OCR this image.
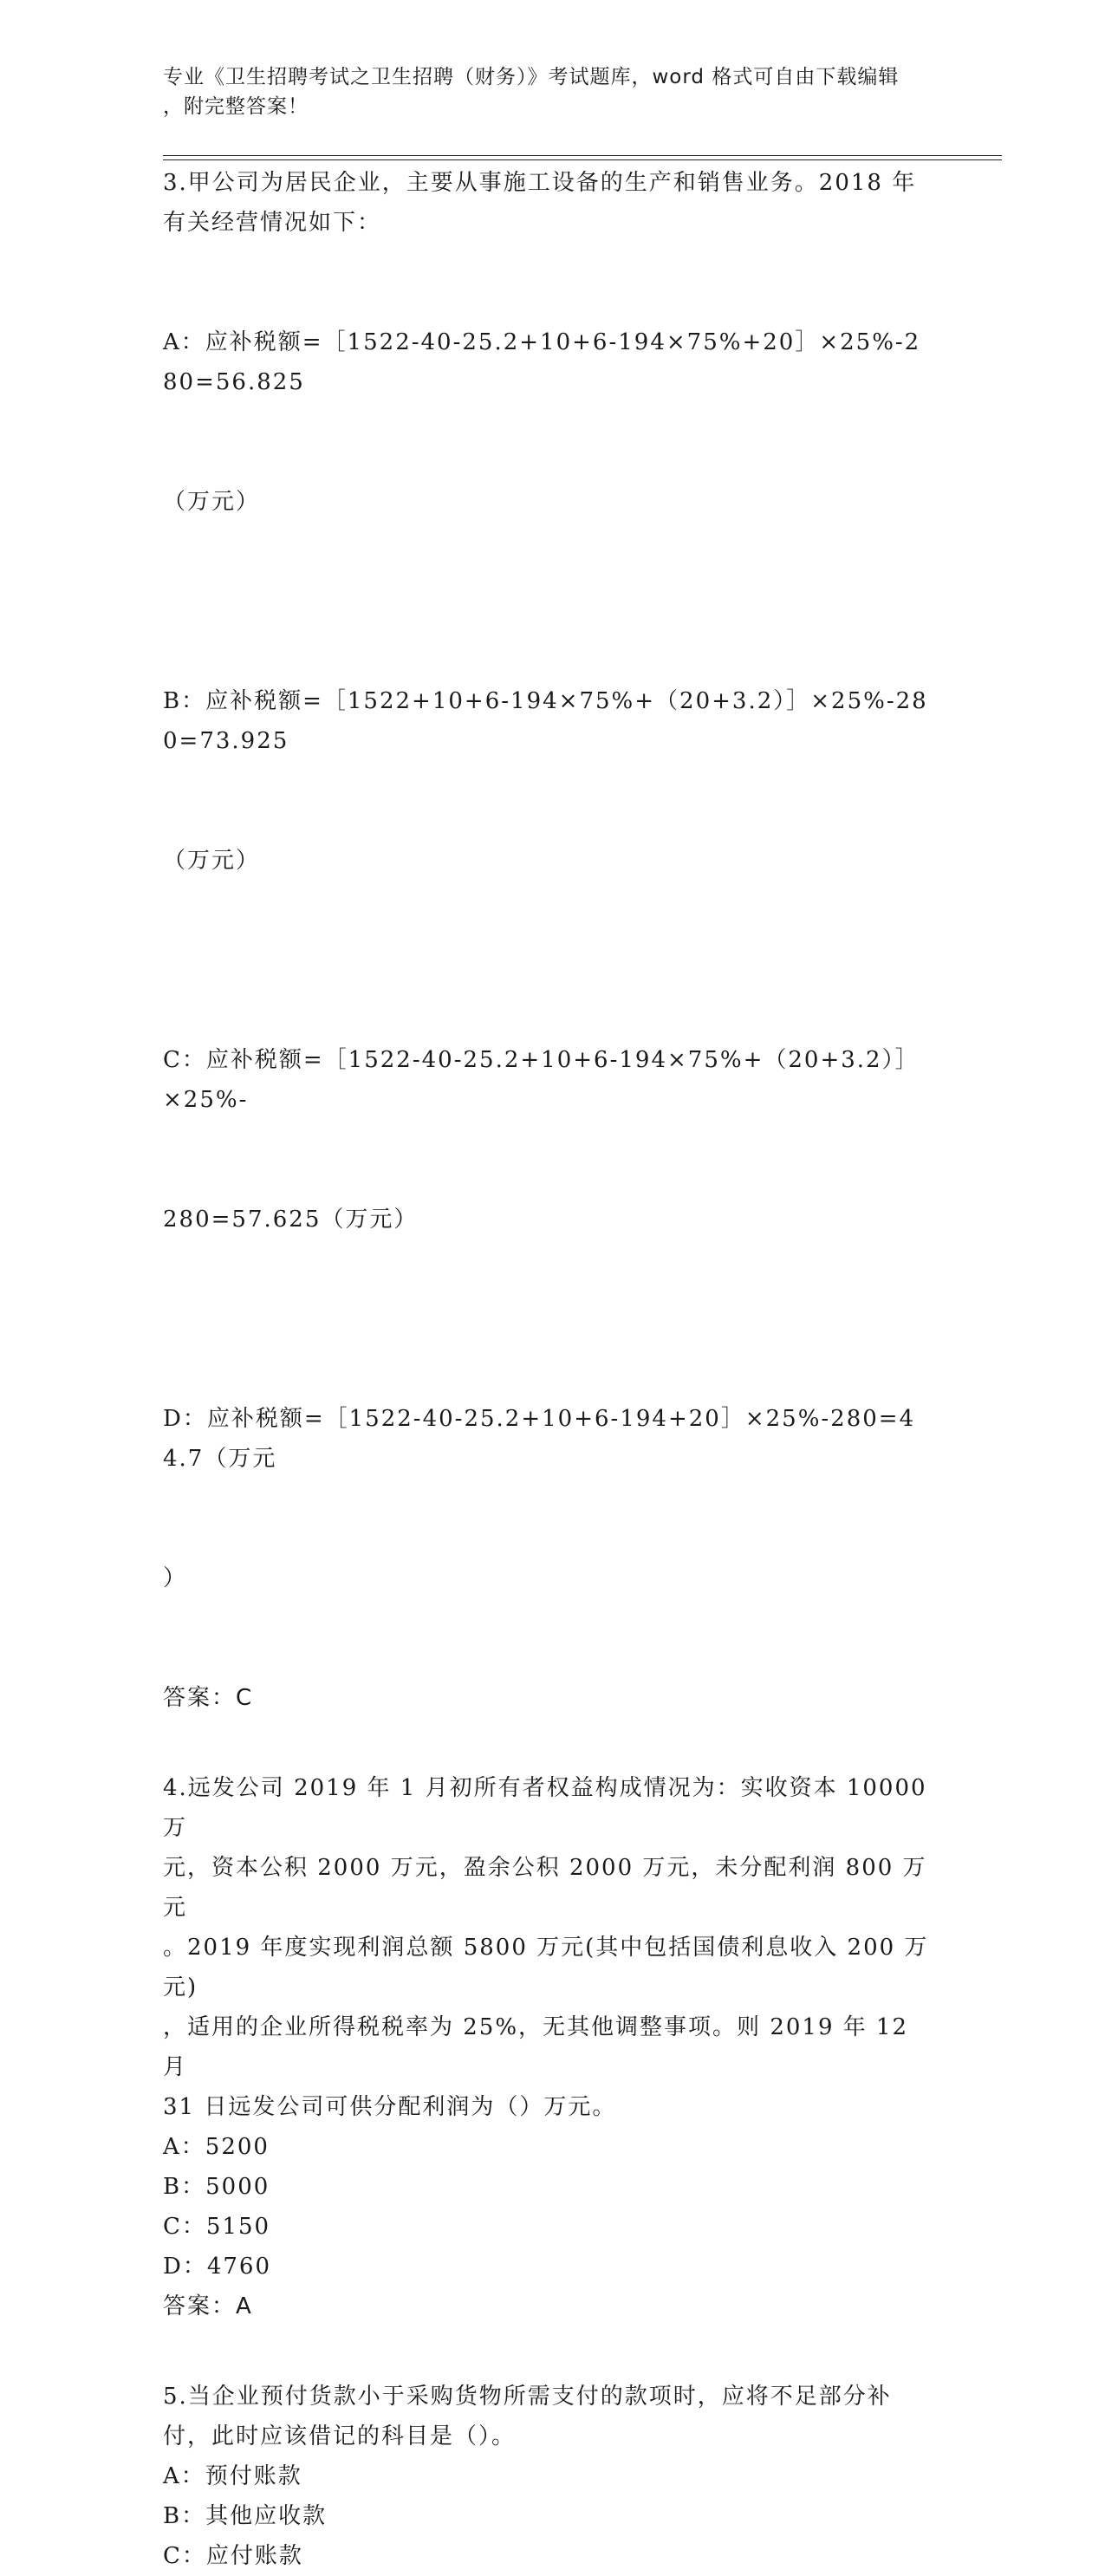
专业《卫生招聘考试之卫生招聘（财务）》考试题库，word 格式可自由下载编辑
，附完整答案！
3.甲公司为居民企业，主要从事施工设备的生产和销售业务。2018 年
有关经营情况如下：

A：应补税额=［1522-40-25.2+10+6-194×75%+20］×25%-280=56.825

（万元）

B：应补税额=［1522+10+6-194×75%+（20+3.2）］×25%-280=73.925

（万元）

C：应补税额=［1522-40-25.2+10+6-194×75%+（20+3.2）］×25%-

280=57.625（万元）

D：应补税额=［1522-40-25.2+10+6-194+20］×25%-280=44.7（万元

）

答案：C
4.远发公司 2019 年 1 月初所有者权益构成情况为：实收资本 10000 万
元，资本公积 2000 万元，盈余公积 2000 万元，未分配利润 800 万元
。2019 年度实现利润总额 5800 万元(其中包括国债利息收入 200 万元)
，适用的企业所得税税率为 25%，无其他调整事项。则 2019 年 12 月
31 日远发公司可供分配利润为（）万元。
A：5200
B：5000
C：5150
D：4760
答案：A
5.当企业预付货款小于采购货物所需支付的款项时，应将不足部分补
付，此时应该借记的科目是（）。
A：预付账款
B：其他应收款
C：应付账款
